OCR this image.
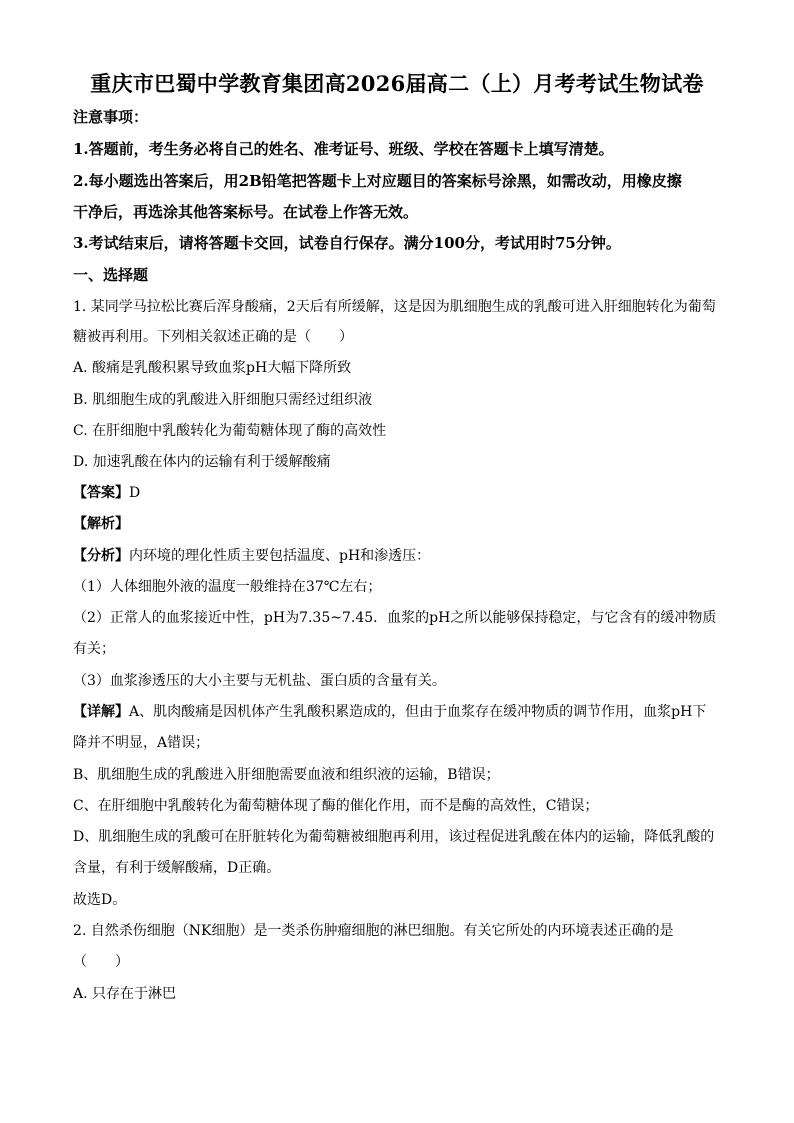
重庆市巴蜀中学教育集团高2026届高二（上）月考考试生物试卷
注意事项：
1.答题前，考生务必将自己的姓名、准考证号、班级、学校在答题卡上填写清楚。
2.每小题选出答案后，用2B铅笔把答题卡上对应题目的答案标号涂黑，如需改动，用橡皮擦
干净后，再选涂其他答案标号。在试卷上作答无效。
3.考试结束后，请将答题卡交回，试卷自行保存。满分100分，考试用时75分钟。
一、选择题
1. 某同学马拉松比赛后浑身酸痛，2天后有所缓解，这是因为肌细胞生成的乳酸可进入肝细胞转化为葡萄
糖被再利用。下列相关叙述正确的是（　　）
A. 酸痛是乳酸积累导致血浆pH大幅下降所致
B. 肌细胞生成的乳酸进入肝细胞只需经过组织液
C. 在肝细胞中乳酸转化为葡萄糖体现了酶的高效性
D. 加速乳酸在体内的运输有利于缓解酸痛
【答案】D
【解析】
【分析】内环境的理化性质主要包括温度、pH和渗透压：
（1）人体细胞外液的温度一般维持在37℃左右；
（2）正常人的血浆接近中性，pH为7.35~7.45．血浆的pH之所以能够保持稳定，与它含有的缓冲物质
有关；
（3）血浆渗透压的大小主要与无机盐、蛋白质的含量有关。
【详解】A、肌肉酸痛是因机体产生乳酸积累造成的，但由于血浆存在缓冲物质的调节作用，血浆pH下
降并不明显，A错误；
B、肌细胞生成的乳酸进入肝细胞需要血液和组织液的运输，B错误；
C、在肝细胞中乳酸转化为葡萄糖体现了酶的催化作用，而不是酶的高效性，C错误；
D、肌细胞生成的乳酸可在肝脏转化为葡萄糖被细胞再利用，该过程促进乳酸在体内的运输，降低乳酸的
含量，有利于缓解酸痛，D正确。
故选D。
2. 自然杀伤细胞（NK细胞）是一类杀伤肿瘤细胞的淋巴细胞。有关它所处的内环境表述正确的是
（　　）
A. 只存在于淋巴
